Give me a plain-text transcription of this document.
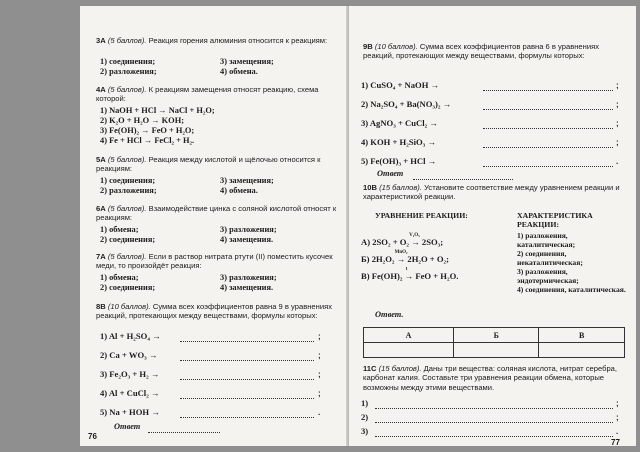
3A (5 баллов). Реакция горения алюминия относится к реакциям:
1) соединения;
2) разложения;
3) замещения;
4) обмена.
4A (5 баллов). К реакциям замещения относят реакцию, схема которой:
1) NaOH + HCl → NaCl + H₂O;
2) K₂O + H₂O → KOH;
3) Fe(OH)₂ → FeO + H₂O;
4) Fe + HCl → FeCl₂ + H₂.
5A (5 баллов). Реакция между кислотой и щёлочью относится к реакциям:
1) соединения;
2) разложения;
3) замещения;
4) обмена.
6A (5 баллов). Взаимодействие цинка с соляной кислотой относят к реакциям:
1) обмена;
2) соединения;
3) разложения;
4) замещения.
7A (5 баллов). Если в раствор нитрата ртути (II) поместить кусочек меди, то произойдёт реакция:
1) обмена;
2) соединения;
3) разложения;
4) замещения.
8B (10 баллов). Сумма всех коэффициентов равна 9 в уравнениях реакций, протекающих между веществами, формулы которых:
1) Al + H₂SO₄ →	;
2) Ca + WO₃ →	;
3) Fe₂O₃ + H₂ →	;
4) Al + CuCl₂ →	;
5) Na + HOH →	.
Ответ
76
9B (10 баллов). Сумма всех коэффициентов равна 6 в уравнениях реакций, протекающих между веществами, формулы которых:
1) CuSO₄ + NaOH →	;
2) Na₂SO₄ + Ba(NO₃)₂ →	;
3) AgNO₃ + CuCl₂ →	;
4) KOH + H₂SiO₃ →	;
5) Fe(OH)₃ + HCl →	.
Ответ
10B (15 баллов). Установите соответствие между уравнением реакции и характеристикой реакции.
УРАВНЕНИЕ РЕАКЦИИ:	ХАРАКТЕРИСТИКА РЕАКЦИИ:
А) 2SO₂ + O₂
V₂O₅
→ 2SO₃;
Б) 2H₂O₂
MnO₂
→ 2H₂O + O₂;
В) Fe(OH)₂
t
→ FeO + H₂O.
1) разложения, каталитическая;
2) соединения, некаталитическая;
3) разложения, эндотермическая;
4) соединения, каталитическая.
Ответ.
А	Б	В

11C (15 баллов). Даны три вещества: соляная кислота, нитрат серебра, карбонат калия. Составьте три уравнения реакции обмена, которые возможны между этими веществами.
1)	;
2)	;
3)	.
77
